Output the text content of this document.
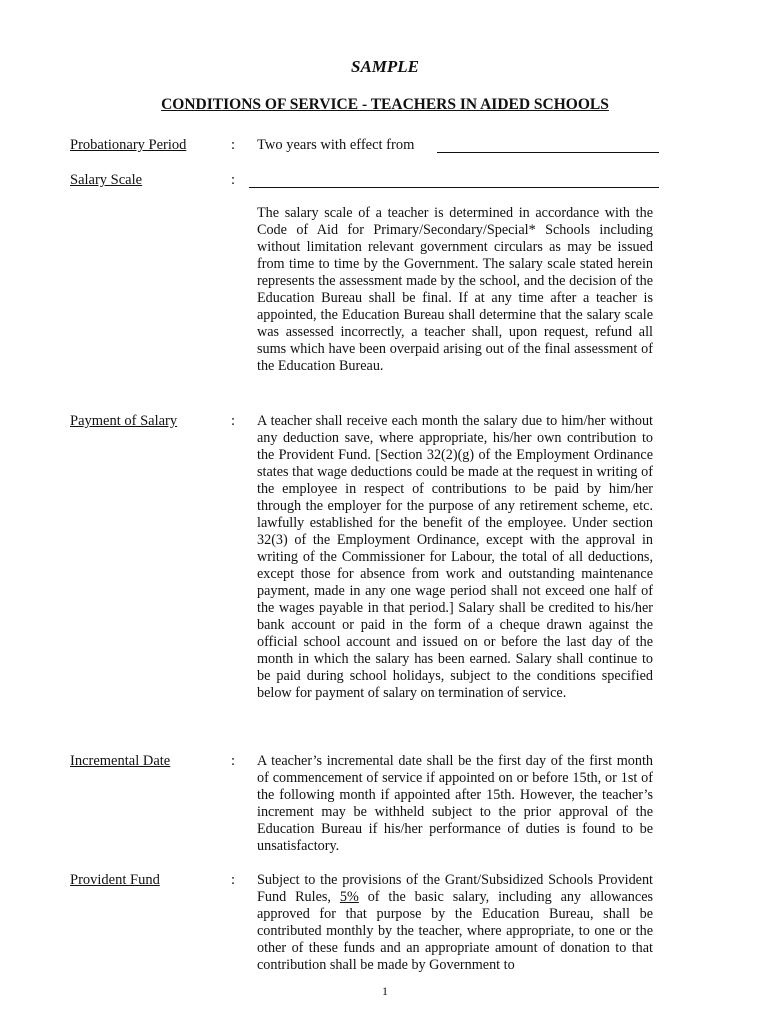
SAMPLE
CONDITIONS OF SERVICE - TEACHERS IN AIDED SCHOOLS
Probationary Period	: Two years with effect from
Salary Scale	:
The salary scale of a teacher is determined in accordance with the Code of Aid for Primary/Secondary/Special* Schools including without limitation relevant government circulars as may be issued from time to time by the Government. The salary scale stated herein represents the assessment made by the school, and the decision of the Education Bureau shall be final. If at any time after a teacher is appointed, the Education Bureau shall determine that the salary scale was assessed incorrectly, a teacher shall, upon request, refund all sums which have been overpaid arising out of the final assessment of the Education Bureau.
Payment of Salary	: A teacher shall receive each month the salary due to him/her without any deduction save, where appropriate, his/her own contribution to the Provident Fund. [Section 32(2)(g) of the Employment Ordinance states that wage deductions could be made at the request in writing of the employee in respect of contributions to be paid by him/her through the employer for the purpose of any retirement scheme, etc. lawfully established for the benefit of the employee. Under section 32(3) of the Employment Ordinance, except with the approval in writing of the Commissioner for Labour, the total of all deductions, except those for absence from work and outstanding maintenance payment, made in any one wage period shall not exceed one half of the wages payable in that period.] Salary shall be credited to his/her bank account or paid in the form of a cheque drawn against the official school account and issued on or before the last day of the month in which the salary has been earned. Salary shall continue to be paid during school holidays, subject to the conditions specified below for payment of salary on termination of service.
Incremental Date	: A teacher’s incremental date shall be the first day of the first month of commencement of service if appointed on or before 15th, or 1st of the following month if appointed after 15th. However, the teacher’s increment may be withheld subject to the prior approval of the Education Bureau if his/her performance of duties is found to be unsatisfactory.
Provident Fund	: Subject to the provisions of the Grant/Subsidized Schools Provident Fund Rules, 5% of the basic salary, including any allowances approved for that purpose by the Education Bureau, shall be contributed monthly by the teacher, where appropriate, to one or the other of these funds and an appropriate amount of donation to that contribution shall be made by Government to
1
